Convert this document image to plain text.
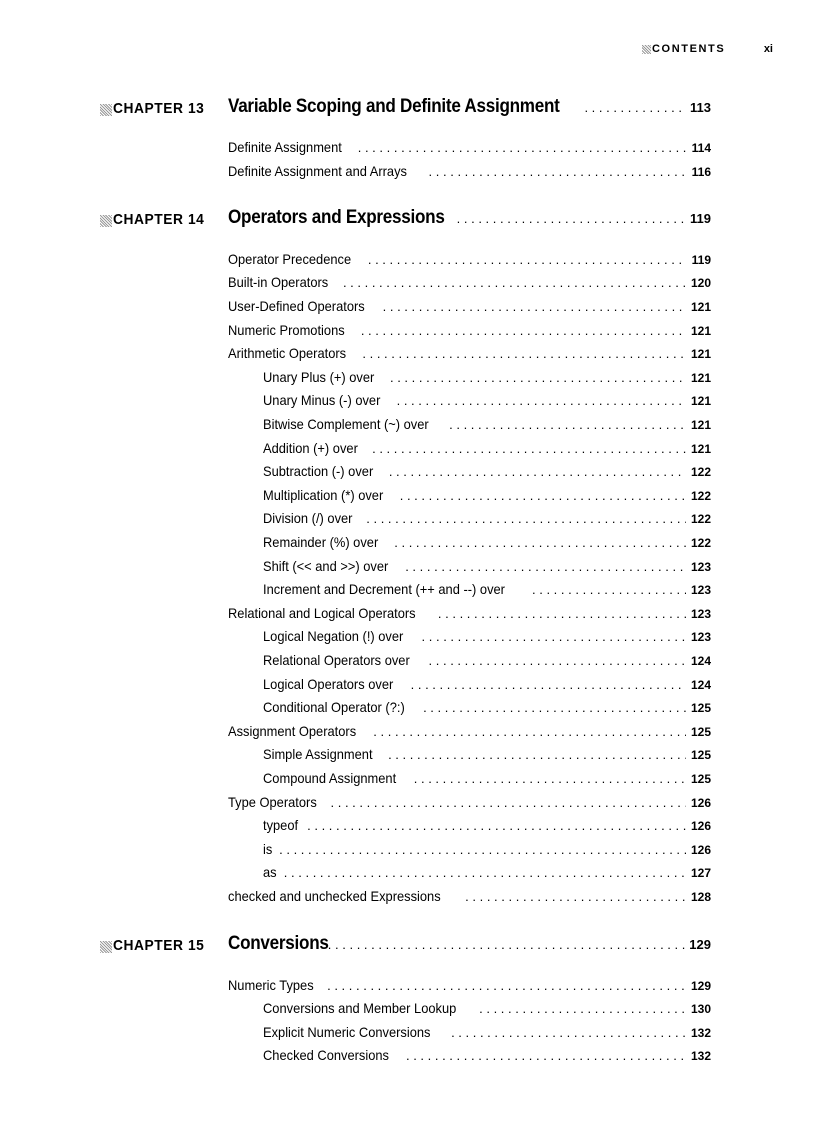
CONTENTS	xi
CHAPTER 13 Variable Scoping and Definite Assignment . . .	113
Definite Assignment . . .	114
Definite Assignment and Arrays . . .	116
CHAPTER 14 Operators and Expressions . . .	119
Operator Precedence . . .	119
Built-in Operators . . .	120
User-Defined Operators . . .	121
Numeric Promotions . . .	121
Arithmetic Operators . . .	121
Unary Plus (+) over . . .	121
Unary Minus (-) over . . .	121
Bitwise Complement (~) over . . .	121
Addition (+) over . . .	121
Subtraction (-) over . . .	122
Multiplication (*) over . . .	122
Division (/) over . . .	122
Remainder (%) over . . .	122
Shift (<< and >>) over . . .	123
Increment and Decrement (++ and --) over . . .	123
Relational and Logical Operators . . .	123
Logical Negation (!) over . . .	123
Relational Operators over . . .	124
Logical Operators over . . .	124
Conditional Operator (?:) . . .	125
Assignment Operators . . .	125
Simple Assignment . . .	125
Compound Assignment . . .	125
Type Operators . . .	126
typeof . . .	126
is . . .	126
as . . .	127
checked and unchecked Expressions . . .	128
CHAPTER 15 Conversions . . .	129
Numeric Types . . .	129
Conversions and Member Lookup . . .	130
Explicit Numeric Conversions . . .	132
Checked Conversions . . .	132
